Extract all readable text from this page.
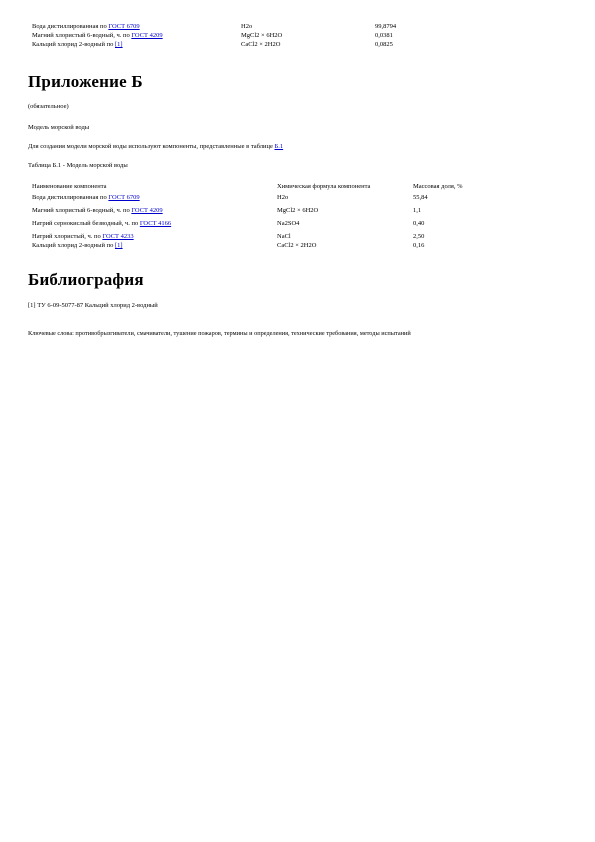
Вода дистиллированная по ГОСТ 6709	H2o	99,8794
Магний хлористый 6-водный, ч. по ГОСТ 4209	MgCl2 × 6H2O	0,0381
Кальций хлорид 2-водный по [1]	CaCl2 × 2H2O	0,0825
Приложение Б
(обязательное)
Модель морской воды
Для создания модели морской воды используют компоненты, представленные в таблице Б.1
Таблица Б.1 - Модель морской воды
Наименование компонента	Химическая формула компонента	Массовая доля, %
Вода дистиллированная по ГОСТ 6709	H2o	55,84
Магний хлористый 6-водный, ч. по ГОСТ 4209	MgCl2 × 6H2O	1,1
Натрий сернокислый безводный, ч. по ГОСТ 4166	Na2SO4	0,40
Натрий хлористый, ч. по ГОСТ 4233	NaCl	2,50
Кальций хлорид 2-водный по [1]	CaCl2 × 2H2O	0,16
Библиография
[1] ТУ 6-09-5077-87 Кальций хлорид 2-водный
Ключевые слова: противобрызгиватели, смачиватели, тушение пожаров, термины и определения, технические требования, методы испытаний
